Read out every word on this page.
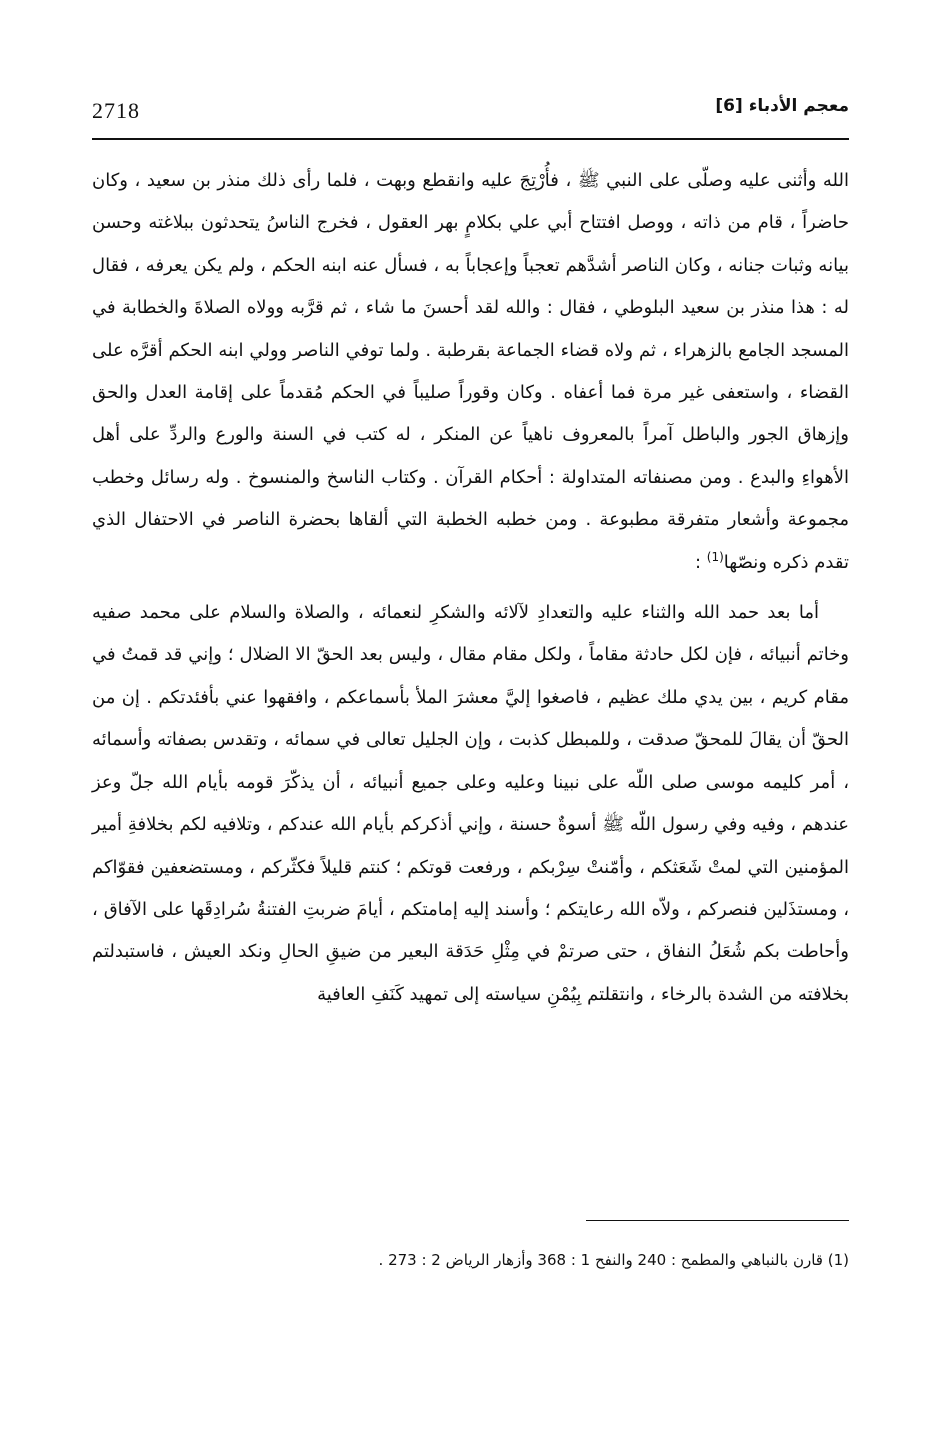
2718	معجم الأدباء [6]

الله وأثنى عليه وصلّى على النبي ﷺ ، فأُرْتِجَ عليه وانقطع وبهت ، فلما رأى ذلك منذر بن سعيد ، وكان حاضراً ، قام من ذاته ، ووصل افتتاح أبي علي بكلامٍ بهر العقول ، فخرج الناسُ يتحدثون ببلاغته وحسن بيانه وثبات جنانه ، وكان الناصر أشدَّهم تعجباً وإعجاباً به ، فسأل عنه ابنه الحكم ، ولم يكن يعرفه ، فقال له : هذا منذر بن سعيد البلوطي ، فقال : والله لقد أحسنَ ما شاء ، ثم قرَّبه وولاه الصلاةَ والخطابة في المسجد الجامع بالزهراء ، ثم ولاه قضاء الجماعة بقرطبة . ولما توفي الناصر وولي ابنه الحكم أقرَّه على القضاء ، واستعفى غير مرة فما أعفاه . وكان وقوراً صليباً في الحكم مُقدماً على إقامة العدل والحق وإزهاق الجور والباطل آمراً بالمعروف ناهياً عن المنكر ، له كتب في السنة والورع والردِّ على أهل الأهواءِ والبدع . ومن مصنفاته المتداولة : أحكام القرآن . وكتاب الناسخ والمنسوخ . وله رسائل وخطب مجموعة وأشعار متفرقة مطبوعة . ومن خطبه الخطبة التي ألقاها بحضرة الناصر في الاحتفال الذي تقدم ذكره ونصّها$^{(1)}$ :

أما بعد حمد الله والثناء عليه والتعدادِ لآلائه والشكرِ لنعمائه ، والصلاة والسلام على محمد صفيه وخاتم أنبيائه ، فإن لكل حادثة مقاماً ، ولكل مقام مقال ، وليس بعد الحقّ الا الضلال ؛ وإني قد قمتُ في مقام كريم ، بين يدي ملك عظيم ، فاصغوا إليَّ معشرَ الملأ بأسماعكم ، وافقهوا عني بأفئدتكم . إن من الحقّ أن يقالَ للمحقّ صدقت ، وللمبطل كذبت ، وإن الجليل تعالى في سمائه ، وتقدس بصفاته وأسمائه ، أمر كليمه موسى صلى اللّه على نبينا وعليه وعلى جميع أنبيائه ، أن يذكّرَ قومه بأيام الله جلّ وعز عندهم ، وفيه وفي رسول اللّه ﷺ أسوةٌ حسنة ، وإني أذكركم بأيام الله عندكم ، وتلافيه لكم بخلافةِ أمير المؤمنين التي لمتْ شَعَثكم ، وأمّنتْ سِرْبكم ، ورفعت قوتكم ؛ كنتم قليلاً فكثّركم ، ومستضعفين فقوّاكم ، ومستذَلين فنصركم ، ولاّه الله رعايتكم ؛ وأسند إليه إمامتكم ، أيامَ ضربتِ الفتنةُ سُرادِقَها على الآفاق ، وأحاطت بكم شُعَلُ النفاق ، حتى صرتمْ في مِثْلِ حَدَقة البعير من ضيقِ الحالِ ونكد العيش ، فاستبدلتم بخلافته من الشدة بالرخاء ، وانتقلتم بِيُمْنِ سياسته إلى تمهيد كَنَفِ العافية

(1) قارن بالنباهي والمطمح : 240 والنفح 1 : 368 وأزهار الرياض 2 : 273 .
